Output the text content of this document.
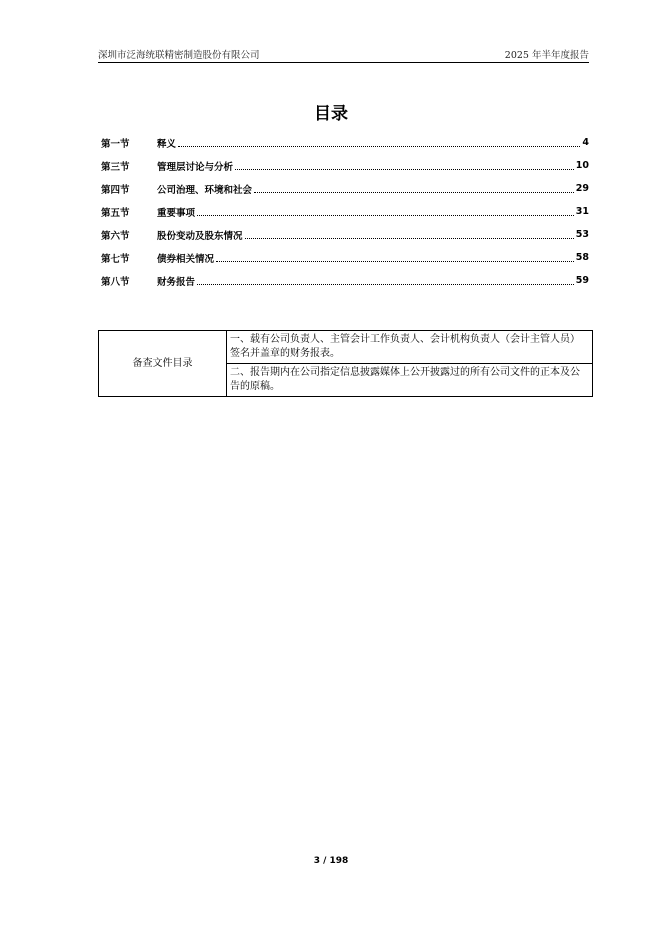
深圳市泛海统联精密制造股份有限公司	2025 年半年度报告
目录
第一节	释义	4
第三节	管理层讨论与分析	10
第四节	公司治理、环境和社会	29
第五节	重要事项	31
第六节	股份变动及股东情况	53
第七节	债券相关情况	58
第八节	财务报告	59
备查文件目录	一、载有公司负责人、主管会计工作负责人、会计机构负责人（会计主管人员）签名并盖章的财务报表。
二、报告期内在公司指定信息披露媒体上公开披露过的所有公司文件的正本及公告的原稿。
3 / 198
